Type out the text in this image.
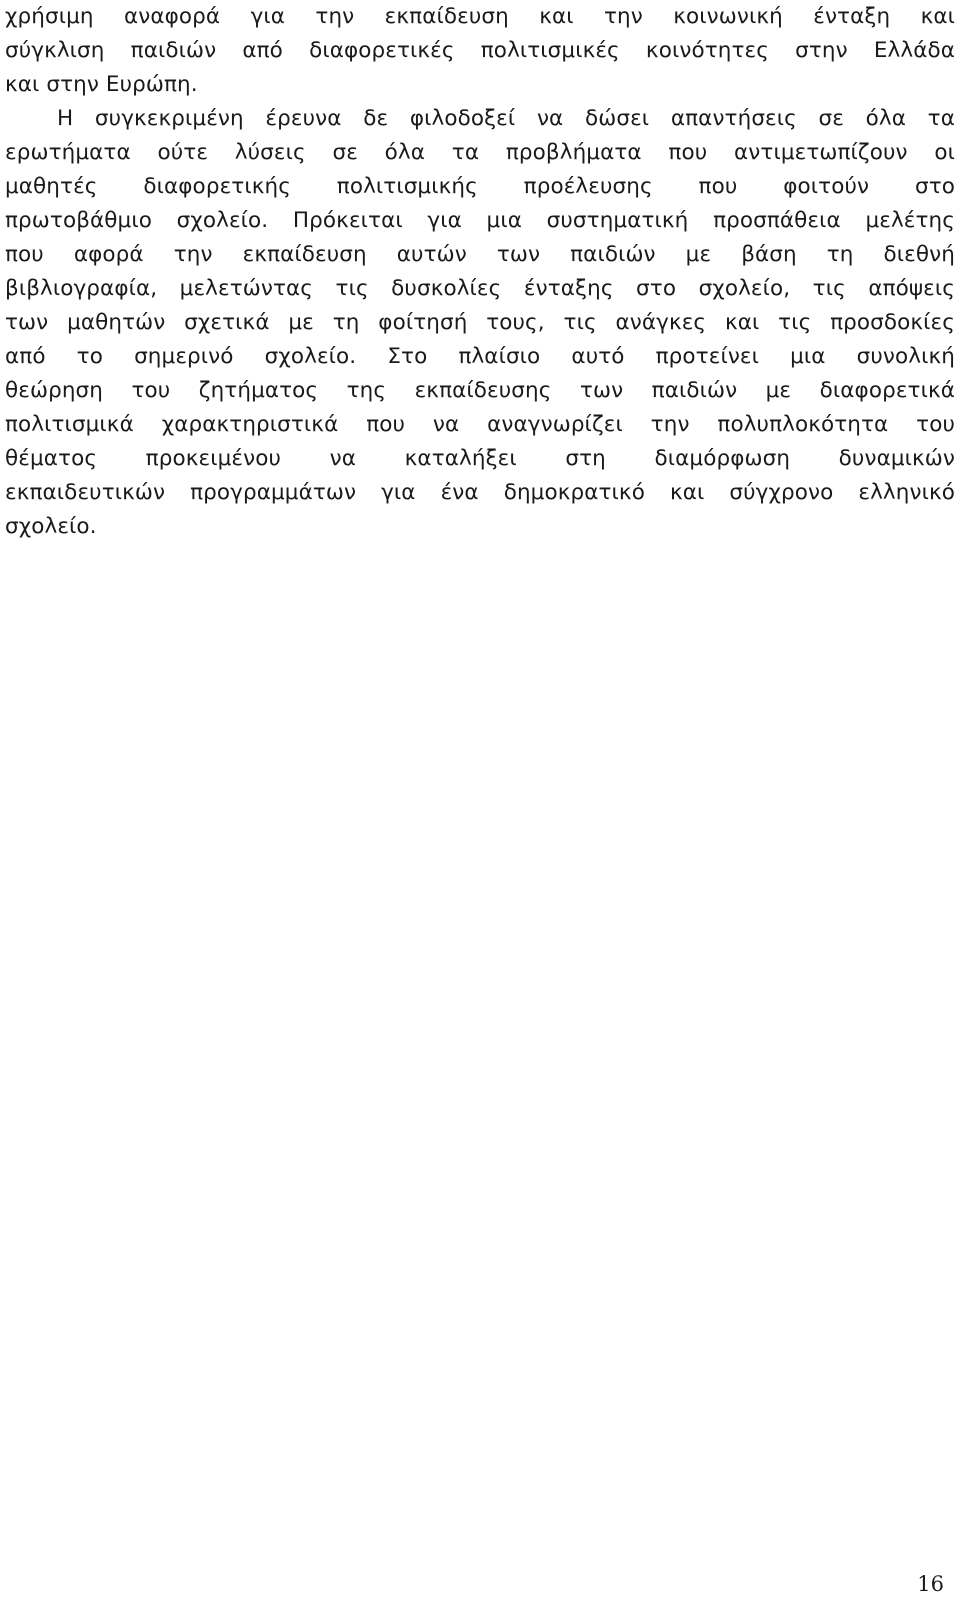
χρήσιμη αναφορά για την εκπαίδευση και την κοινωνική ένταξη και
σύγκλιση παιδιών από διαφορετικές πολιτισμικές κοινότητες στην Ελλάδα
και στην Ευρώπη.
Η συγκεκριμένη έρευνα δε φιλοδοξεί να δώσει απαντήσεις σε όλα τα
ερωτήματα ούτε λύσεις σε όλα τα προβλήματα που αντιμετωπίζουν οι
μαθητές διαφορετικής πολιτισμικής προέλευσης που φοιτούν στο
πρωτοβάθμιο σχολείο. Πρόκειται για μια συστηματική προσπάθεια μελέτης
που αφορά την εκπαίδευση αυτών των παιδιών με βάση τη διεθνή
βιβλιογραφία, μελετώντας τις δυσκολίες ένταξης στο σχολείο, τις απόψεις
των μαθητών σχετικά με τη φοίτησή τους, τις ανάγκες και τις προσδοκίες
από το σημερινό σχολείο. Στο πλαίσιο αυτό προτείνει μια συνολική
θεώρηση του ζητήματος της εκπαίδευσης των παιδιών με διαφορετικά
πολιτισμικά χαρακτηριστικά που να αναγνωρίζει την πολυπλοκότητα του
θέματος προκειμένου να καταλήξει στη διαμόρφωση δυναμικών
εκπαιδευτικών προγραμμάτων για ένα δημοκρατικό και σύγχρονο ελληνικό
σχολείο.
16
